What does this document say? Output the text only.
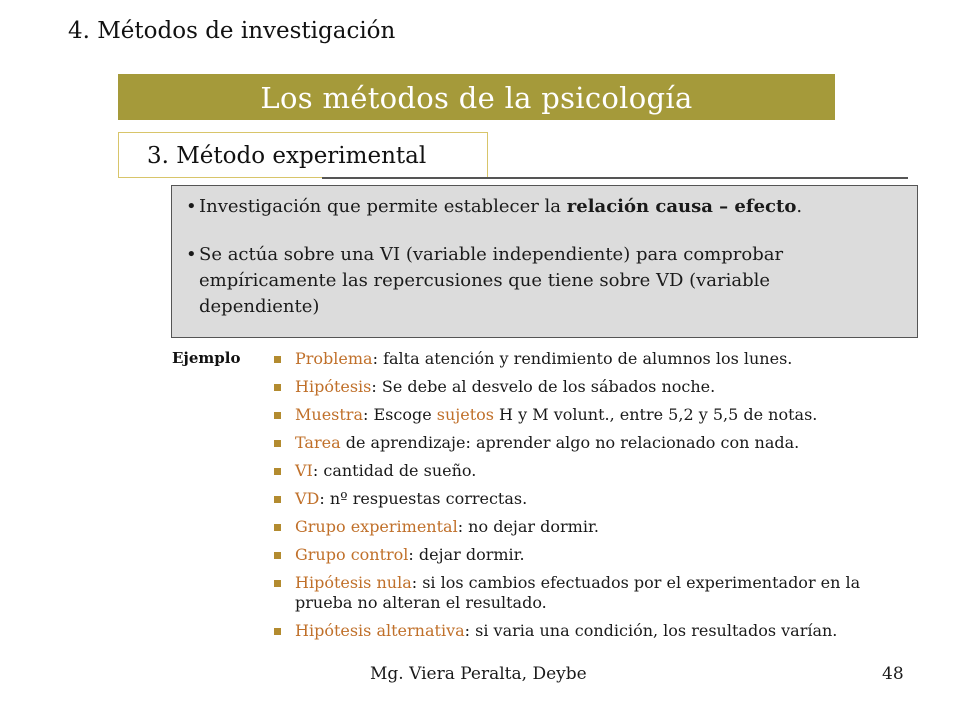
4. Métodos de investigación
Los métodos de la psicología
3. Método experimental
• Investigación que permite establecer la relación causa – efecto.
• Se actúa sobre una VI (variable independiente) para comprobar empíricamente las repercusiones que tiene sobre VD (variable dependiente)
Ejemplo	Problema: falta atención y rendimiento de alumnos los lunes.
Hipótesis: Se debe al desvelo de los sábados noche.
Muestra: Escoge sujetos H y M volunt., entre 5,2 y 5,5 de notas.
Tarea de aprendizaje: aprender algo no relacionado con nada.
VI: cantidad de sueño.
VD: nº respuestas correctas.
Grupo experimental: no dejar dormir.
Grupo control: dejar dormir.
Hipótesis nula: si los cambios efectuados por el experimentador en la prueba no alteran el resultado.
Hipótesis alternativa: si varia una condición, los resultados varían.
Mg. Viera Peralta, Deybe	48
